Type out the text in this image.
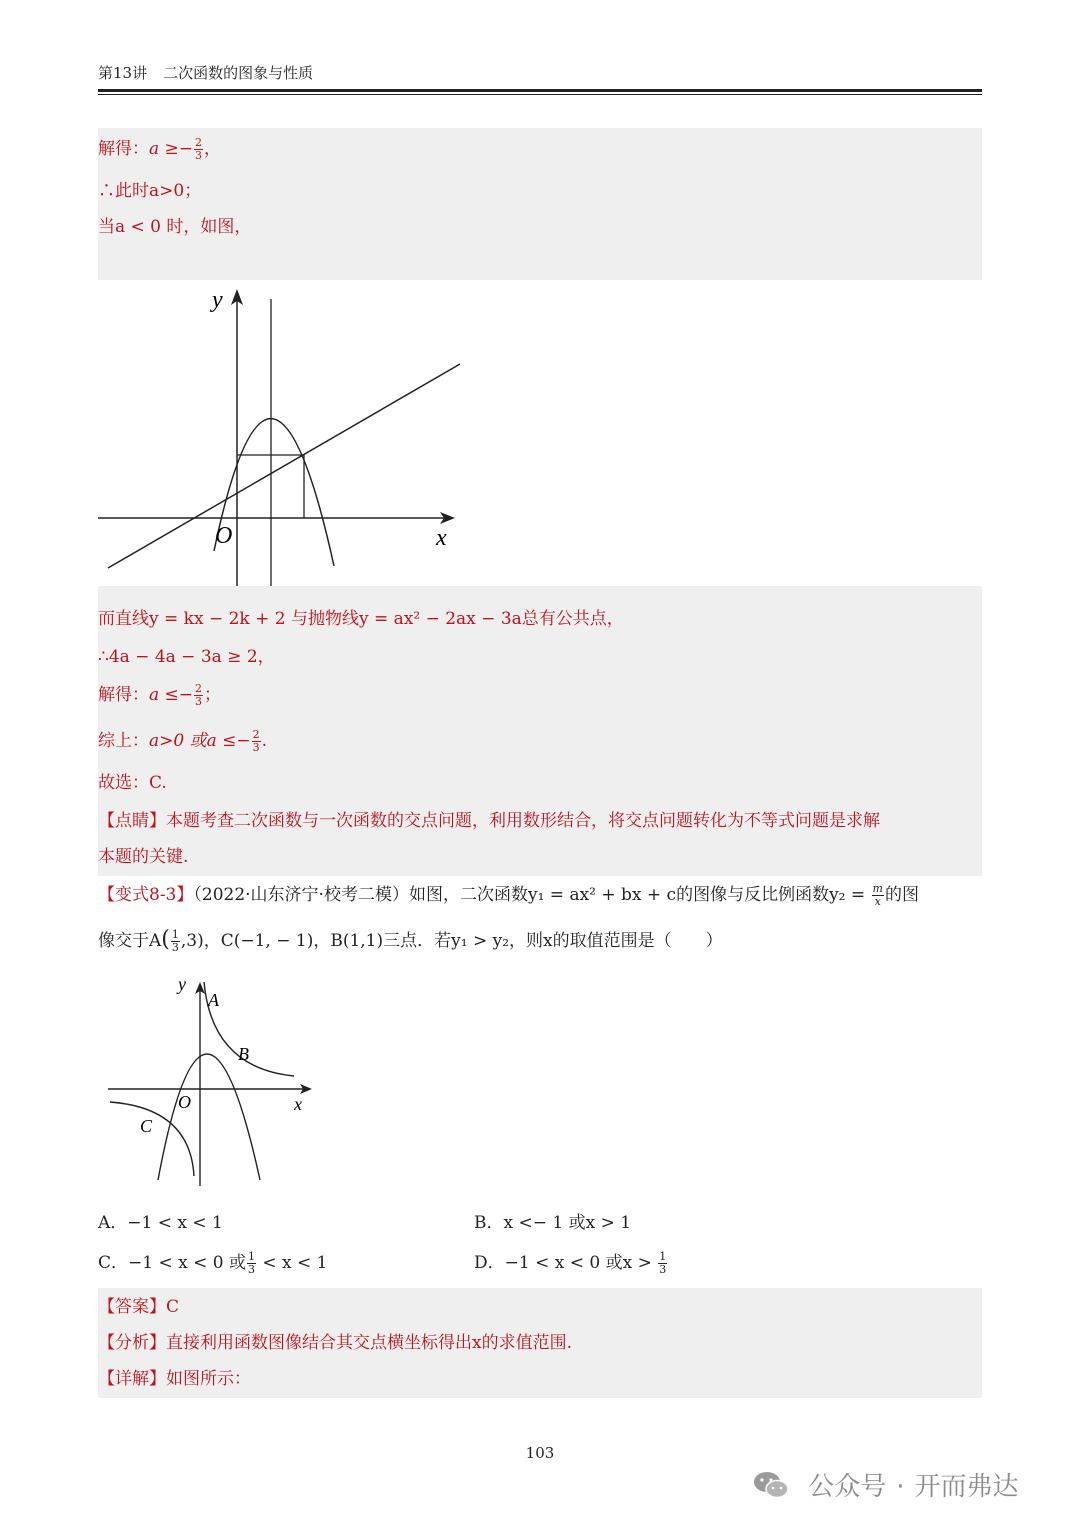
第13讲 二次函数的图象与性质
解得：$a \ge- \frac{2}{3}$ ，
∴此时a>0；
当a < 0 时，如图，
y
x
O
而直线y = kx − 2k + 2 与抛物线y = ax² − 2ax − 3a总有公共点，
∴4a − 4a − 3a ≥ 2，
解得：$a \le- \frac{2}{3}$ ；
综上：a>0 或$a \le- \frac{2}{3}$ .
故选：C.
【点睛】本题考查二次函数与一次函数的交点问题，利用数形结合，将交点问题转化为不等式问题是求解
本题的关键.
【变式8-3】（2022·山东济宁·校考二模）如图，二次函数y₁ = ax² + bx + c的图像与反比例函数$y_2 = \frac{m}{x}$ 的图
像交于$A( \frac{1}{3} ,3)$，C(−1, − 1)，B(1,1)三点．若y₁ > y₂，则x的取值范围是（　　）
y
x
O
A
B
C
A．−1 < x < 1	B．x <− 1 或x > 1
C．−1 < x < 0 或 $\frac{1}{3} < x < 1$	D．−1 < x < 0 或$x > \frac{1}{3}$
【答案】C
【分析】直接利用函数图像结合其交点横坐标得出x的求值范围.
【详解】如图所示：
103
公众号 · 开而弗达
